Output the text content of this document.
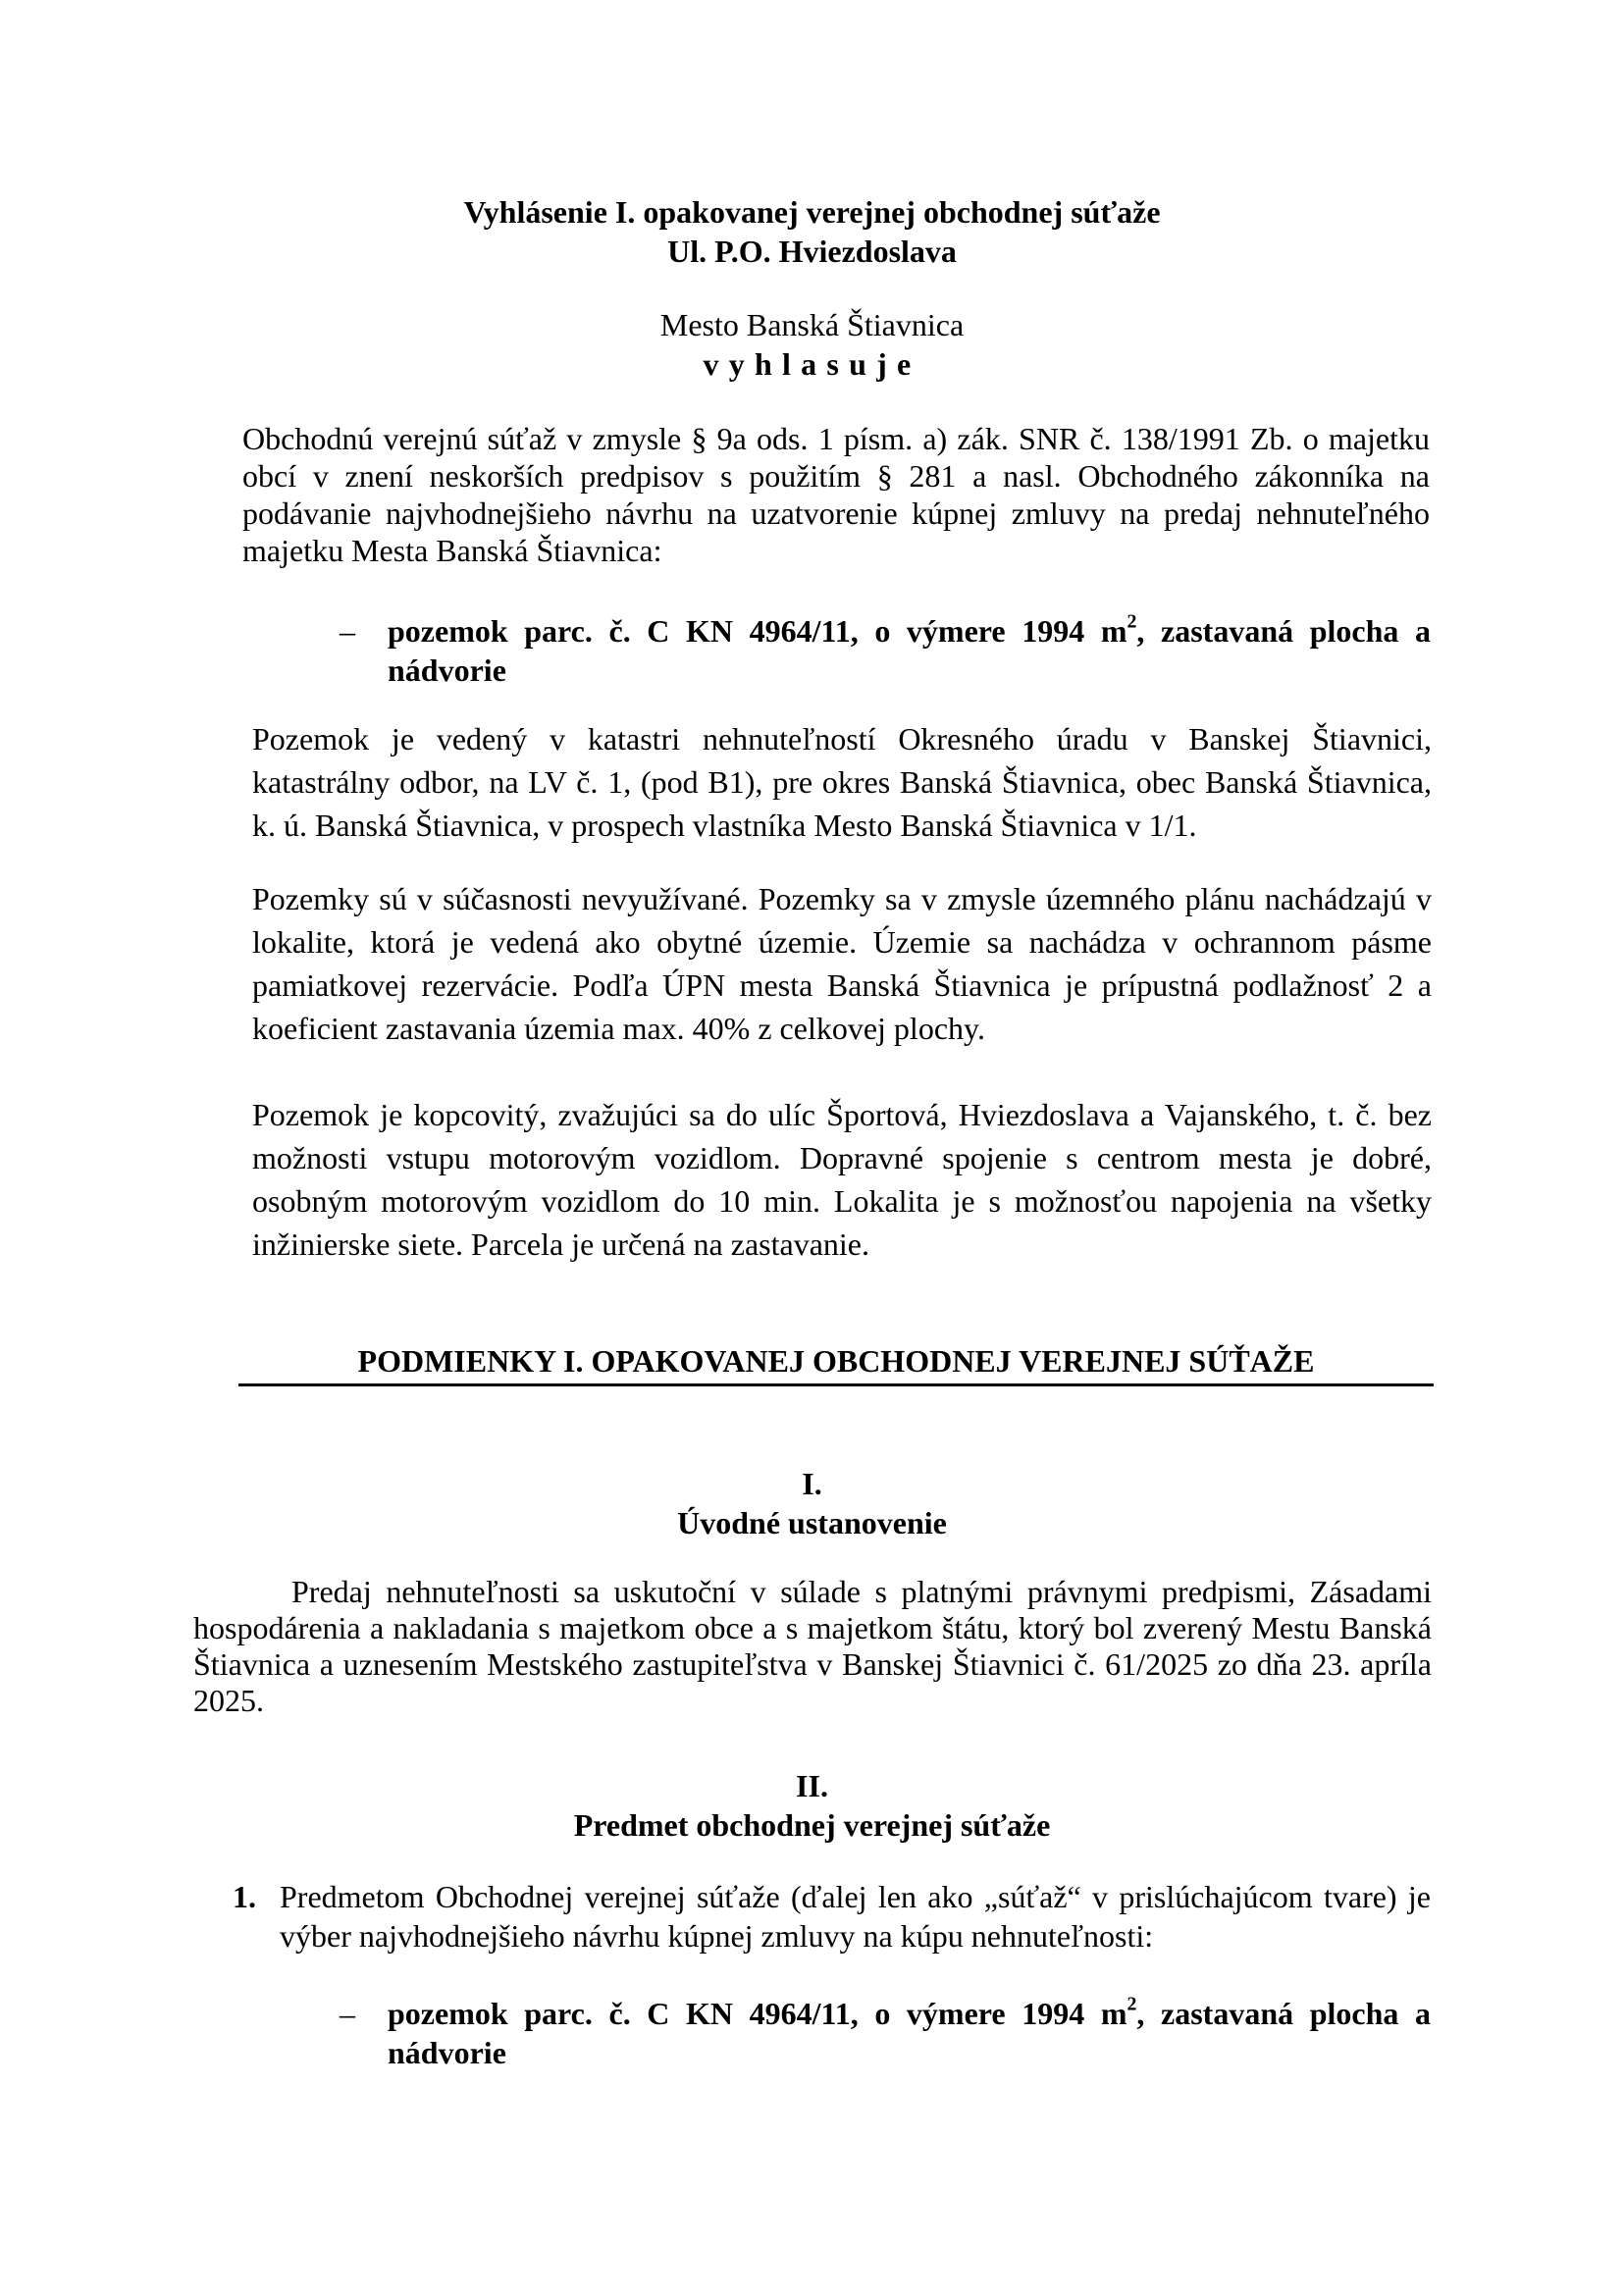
Vyhlásenie I. opakovanej verejnej obchodnej súťaže
Ul. P.O. Hviezdoslava
Mesto Banská Štiavnica
vyhlasuje
Obchodnú verejnú súťaž v zmysle § 9a ods. 1 písm. a) zák. SNR č. 138/1991 Zb. o majetku obcí v znení neskorších predpisov s použitím § 281 a nasl. Obchodného zákonníka na podávanie najvhodnejšieho návrhu na uzatvorenie kúpnej zmluvy na predaj nehnuteľného majetku Mesta Banská Štiavnica:
– pozemok parc. č. C KN 4964/11, o výmere 1994 $m^2$, zastavaná plocha a nádvorie
Pozemok je vedený v katastri nehnuteľností Okresného úradu v Banskej Štiavnici, katastrálny odbor, na LV č. 1, (pod B1), pre okres Banská Štiavnica, obec Banská Štiavnica, k. ú. Banská Štiavnica, v prospech vlastníka Mesto Banská Štiavnica v 1/1.
Pozemky sú v súčasnosti nevyužívané. Pozemky sa v zmysle územného plánu nachádzajú v lokalite, ktorá je vedená ako obytné územie. Územie sa nachádza v ochrannom pásme pamiatkovej rezervácie. Podľa ÚPN mesta Banská Štiavnica je prípustná podlažnosť 2 a koeficient zastavania územia max. 40% z celkovej plochy.
Pozemok je kopcovitý, zvažujúci sa do ulíc Športová, Hviezdoslava a Vajanského, t. č. bez možnosti vstupu motorovým vozidlom. Dopravné spojenie s centrom mesta je dobré, osobným motorovým vozidlom do 10 min. Lokalita je s možnosťou napojenia na všetky inžinierske siete. Parcela je určená na zastavanie.
PODMIENKY I. OPAKOVANEJ OBCHODNEJ VEREJNEJ SÚŤAŽE
I.
Úvodné ustanovenie
Predaj nehnuteľnosti sa uskutoční v súlade s platnými právnymi predpismi, Zásadami hospodárenia a nakladania s majetkom obce a s majetkom štátu, ktorý bol zverený Mestu Banská Štiavnica a uznesením Mestského zastupiteľstva v Banskej Štiavnici č. 61/2025 zo dňa 23. apríla 2025.
II.
Predmet obchodnej verejnej súťaže
1. Predmetom Obchodnej verejnej súťaže (ďalej len ako „súťaž“ v prislúchajúcom tvare) je výber najvhodnejšieho návrhu kúpnej zmluvy na kúpu nehnuteľnosti:
– pozemok parc. č. C KN 4964/11, o výmere 1994 $m^2$, zastavaná plocha a nádvorie
